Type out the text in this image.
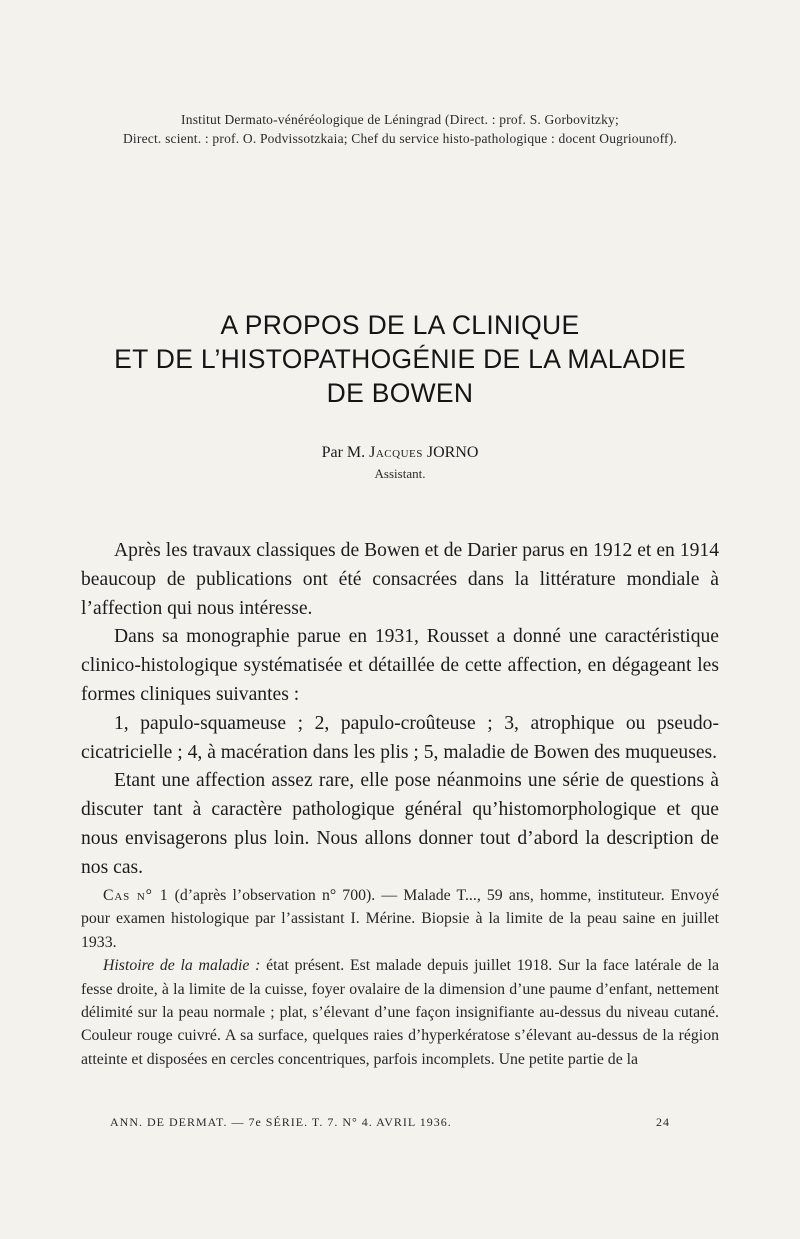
Institut Dermato-vénéréologique de Léningrad (Direct. : prof. S. Gorbovitzky;
Direct. scient. : prof. O. Podvissotzkaia; Chef du service histo-pathologique : docent Ougriounoff).
A PROPOS DE LA CLINIQUE
ET DE L’HISTOPATHOGÉNIE DE LA MALADIE
DE BOWEN
Par M. Jacques JORNO
Assistant.

Après les travaux classiques de Bowen et de Darier parus en 1912 et en 1914 beaucoup de publications ont été consacrées dans la littérature mondiale à l’affection qui nous intéresse.

Dans sa monographie parue en 1931, Rousset a donné une caractéristique clinico-histologique systématisée et détaillée de cette affection, en dégageant les formes cliniques suivantes :

1, papulo-squameuse ; 2, papulo-croûteuse ; 3, atrophique ou pseudo-cicatricielle ; 4, à macération dans les plis ; 5, maladie de Bowen des muqueuses.

Etant une affection assez rare, elle pose néanmoins une série de questions à discuter tant à caractère pathologique général qu’histomorphologique et que nous envisagerons plus loin. Nous allons donner tout d’abord la description de nos cas.

Cas n° 1 (d’après l’observation n° 700). — Malade T..., 59 ans, homme, instituteur. Envoyé pour examen histologique par l’assistant I. Mérine. Biopsie à la limite de la peau saine en juillet 1933.

Histoire de la maladie : état présent. Est malade depuis juillet 1918. Sur la face latérale de la fesse droite, à la limite de la cuisse, foyer ovalaire de la dimension d’une paume d’enfant, nettement délimité sur la peau normale ; plat, s’élevant d’une façon insignifiante au-dessus du niveau cutané. Couleur rouge cuivré. A sa surface, quelques raies d’hyperkératose s’élevant au-dessus de la région atteinte et disposées en cercles concentriques, parfois incomplets. Une petite partie de la

ANN. DE DERMAT. — 7e SÉRIE. T. 7. N° 4. AVRIL 1936.	24
